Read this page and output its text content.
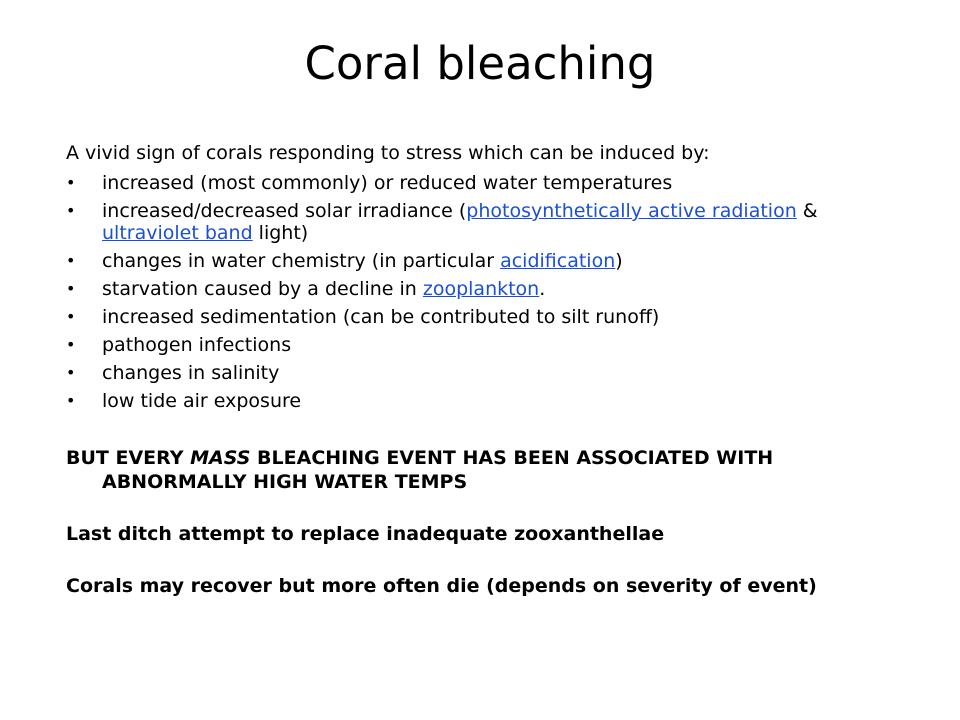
Coral bleaching

A vivid sign of corals responding to stress which can be induced by:

• increased (most commonly) or reduced water temperatures
• increased/decreased solar irradiance (photosynthetically active radiation & ultraviolet band light)
• changes in water chemistry (in particular acidification)
• starvation caused by a decline in zooplankton.
• increased sedimentation (can be contributed to silt runoff)
• pathogen infections
• changes in salinity
• low tide air exposure

BUT EVERY MASS BLEACHING EVENT HAS BEEN ASSOCIATED WITH ABNORMALLY HIGH WATER TEMPS

Last ditch attempt to replace inadequate zooxanthellae

Corals may recover but more often die (depends on severity of event)
